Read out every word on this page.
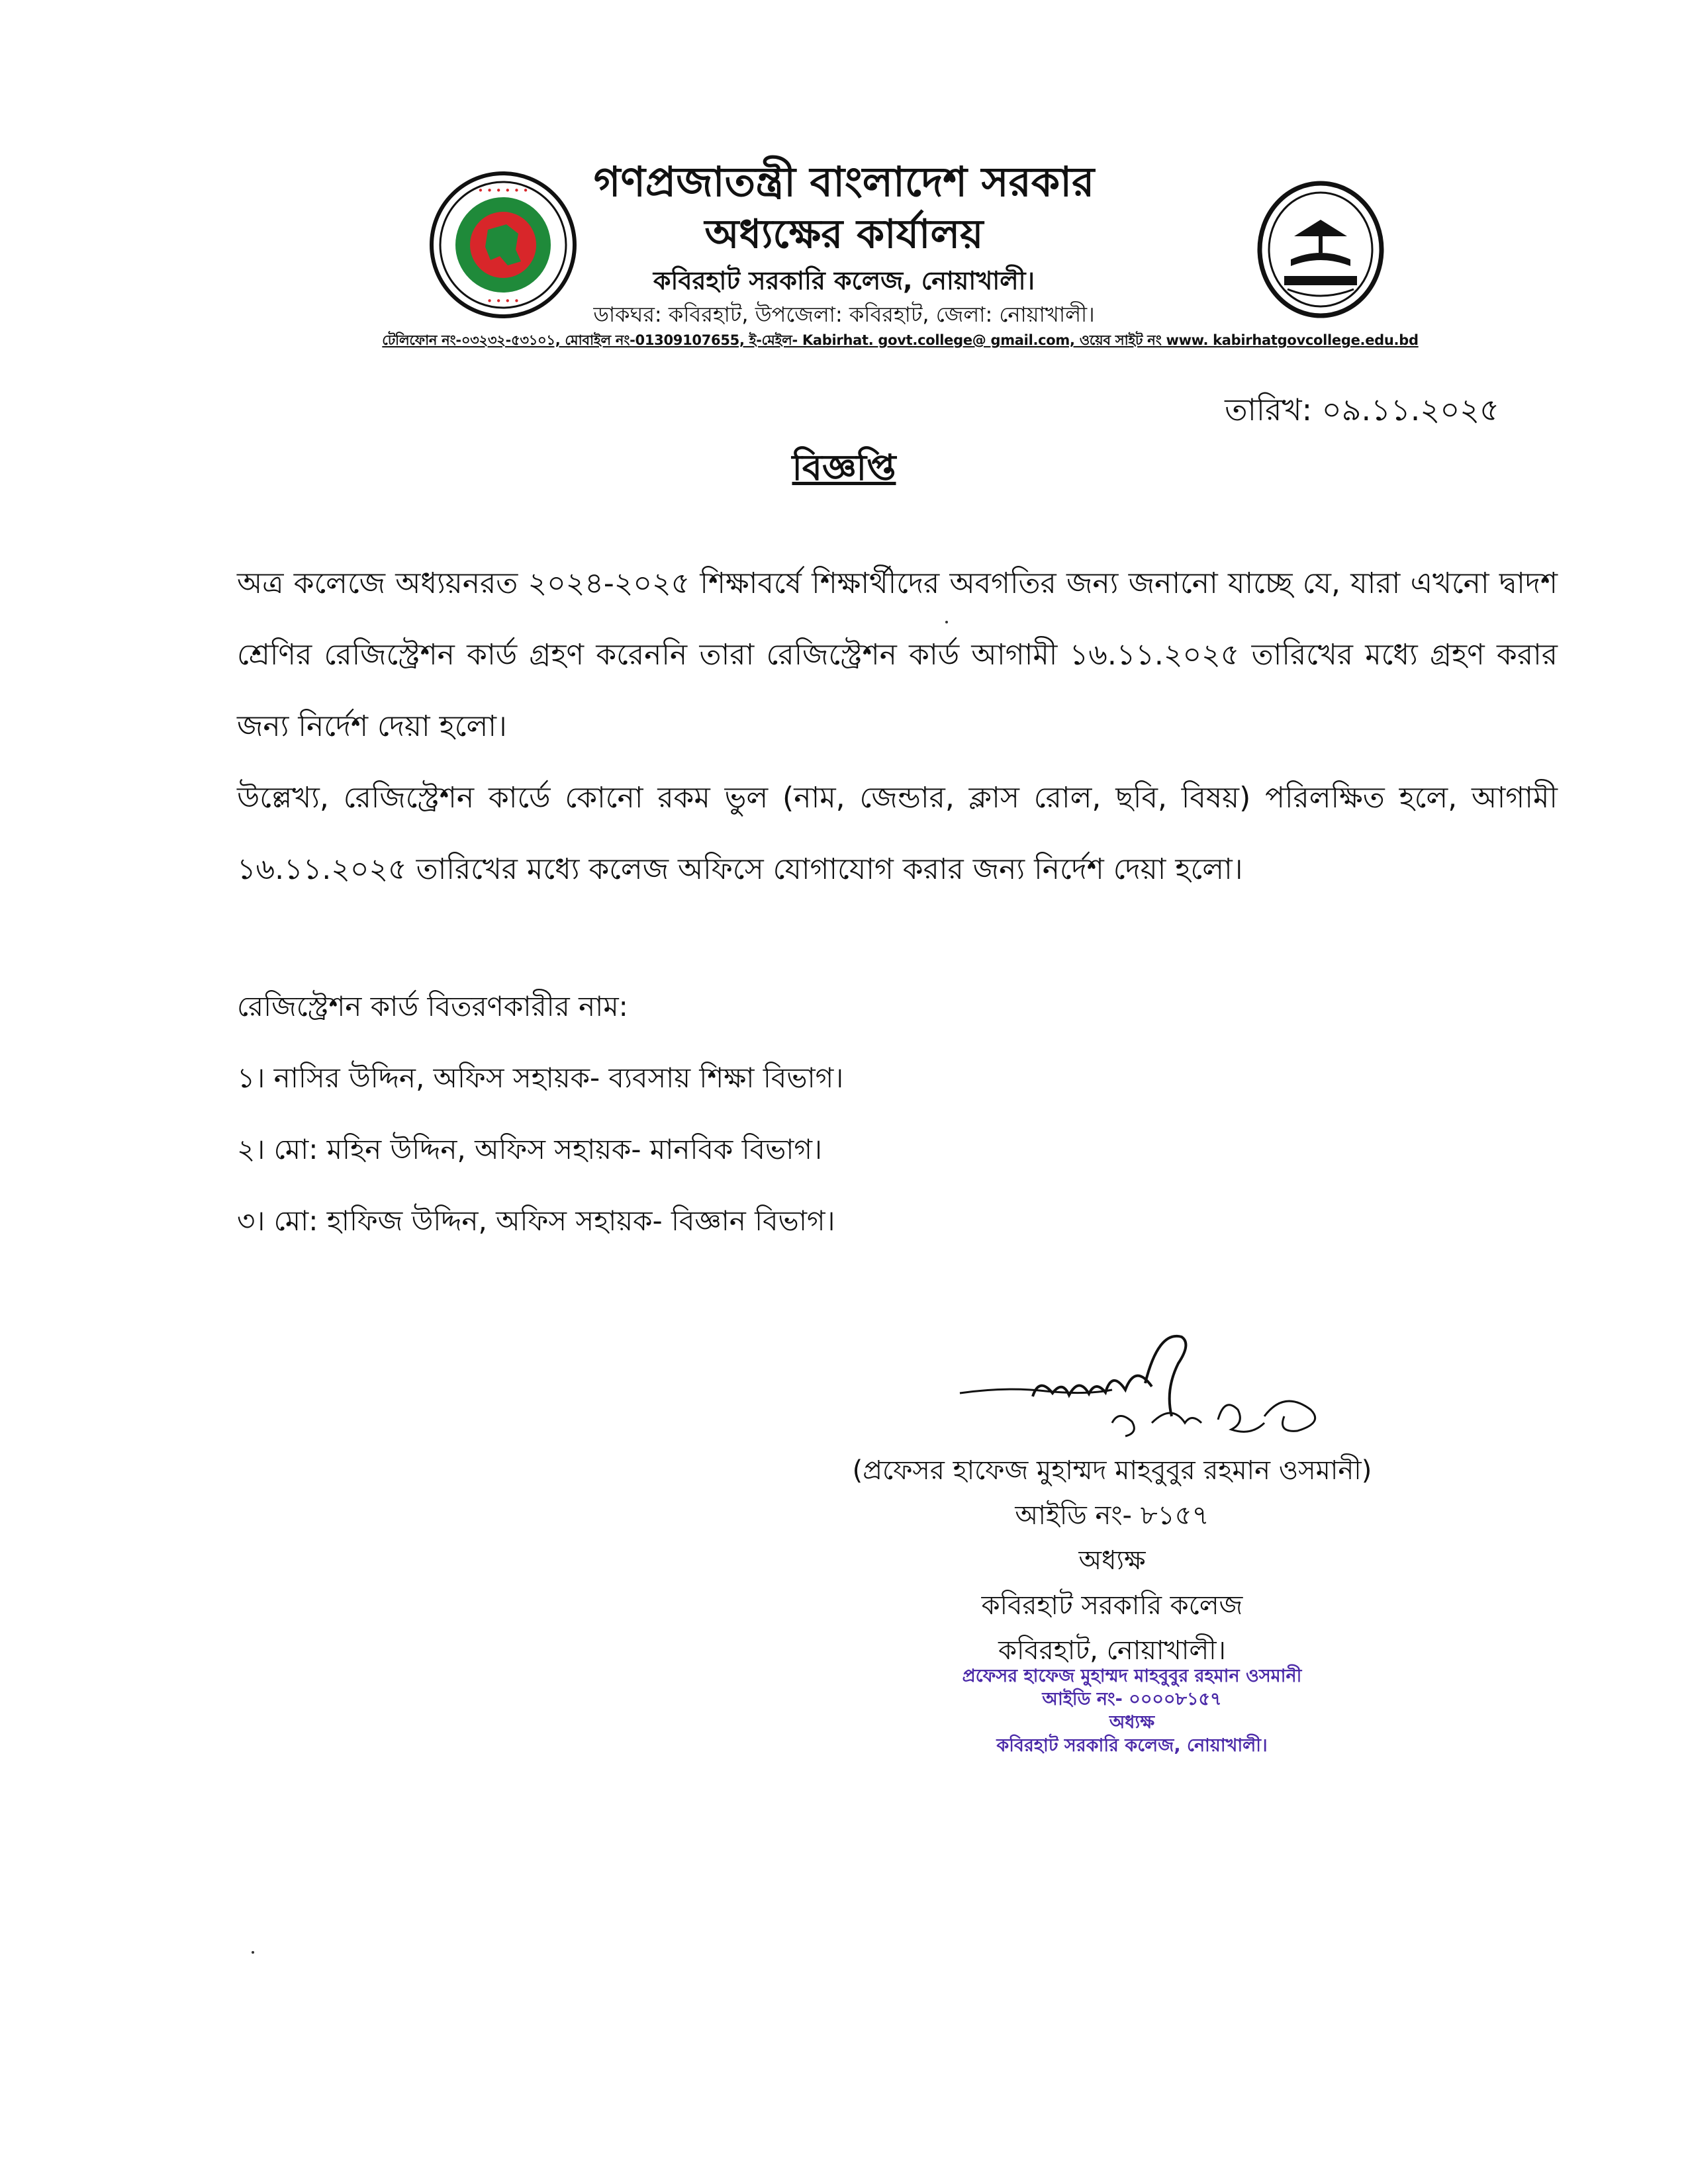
• • • • • •
• • • •
গণপ্রজাতন্ত্রী বাংলাদেশ সরকার
অধ্যক্ষের কার্যালয়
কবিরহাট সরকারি কলেজ, নোয়াখালী।
ডাকঘর: কবিরহাট, উপজেলা: কবিরহাট, জেলা: নোয়াখালী।
টেলিফোন নং-০৩২৩২-৫৩১০১, মোবাইল নং-01309107655, ই-মেইল- Kabirhat. govt.college@ gmail.com, ওয়েব সাইট নং www. kabirhatgovcollege.edu.bd
তারিখ: ০৯.১১.২০২৫
বিজ্ঞপ্তি

অত্র কলেজে অধ্যয়নরত ২০২৪-২০২৫ শিক্ষাবর্ষে শিক্ষার্থীদের অবগতির জন্য জনানো যাচ্ছে যে, যারা এখনো দ্বাদশ শ্রেণির রেজিস্ট্রেশন কার্ড গ্রহণ করেননি তারা রেজিস্ট্রেশন কার্ড আগামী ১৬.১১.২০২৫ তারিখের মধ্যে গ্রহণ করার জন্য নির্দেশ দেয়া হলো।

উল্লেখ্য, রেজিস্ট্রেশন কার্ডে কোনো রকম ভুল (নাম, জেন্ডার, ক্লাস রোল, ছবি, বিষয়) পরিলক্ষিত হলে, আগামী ১৬.১১.২০২৫ তারিখের মধ্যে কলেজ অফিসে যোগাযোগ করার জন্য নির্দেশ দেয়া হলো।

রেজিস্ট্রেশন কার্ড বিতরণকারীর নাম:
১। নাসির উদ্দিন, অফিস সহায়ক- ব্যবসায় শিক্ষা বিভাগ।
২। মো: মহিন উদ্দিন, অফিস সহায়ক- মানবিক বিভাগ।
৩। মো: হাফিজ উদ্দিন, অফিস সহায়ক- বিজ্ঞান বিভাগ।
(প্রফেসর হাফেজ মুহাম্মদ মাহবুবুর রহমান ওসমানী)
আইডি নং- ৮১৫৭
অধ্যক্ষ
কবিরহাট সরকারি কলেজ
কবিরহাট, নোয়াখালী।
প্রফেসর হাফেজ মুহাম্মদ মাহবুবুর রহমান ওসমানী
আইডি নং- ০০০০৮১৫৭
অধ্যক্ষ
কবিরহাট সরকারি কলেজ, নোয়াখালী।
